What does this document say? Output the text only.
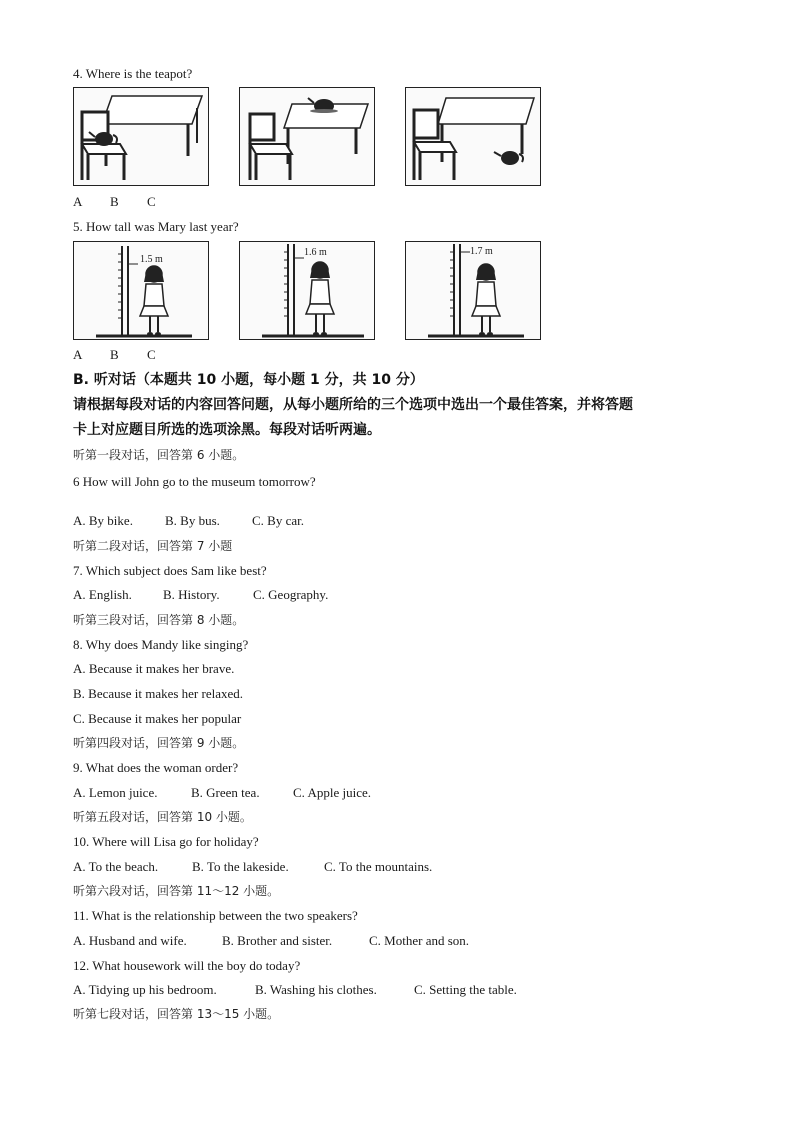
4. Where is the teapot?
A B C
5. How tall was Mary last year?
1.5 m
1.6 m	1.7 m
A B C
B. 听对话（本题共 10 小题，每小题 1 分，共 10 分）
请根据每段对话的内容回答问题，从每小题所给的三个选项中选出一个最佳答案，并将答题
卡上对应题目所选的选项涂黑。每段对话听两遍。
听第一段对话，回答第 6 小题。
6 How will John go to the museum tomorrow?
A. By bike. B. By bus. C. By car.
听第二段对话，回答第 7 小题
7. Which subject does Sam like best?
A. English. B. History.	C. Geography.
听第三段对话，回答第 8 小题。
8. Why does Mandy like singing?
A. Because it makes her brave.
B. Because it makes her relaxed.
C. Because it makes her popular
听第四段对话，回答第 9 小题。
9. What does the woman order?
A. Lemon juice.	B. Green tea.	C. Apple juice.
听第五段对话，回答第 10 小题。
10. Where will Lisa go for holiday?
A. To the beach.	B. To the lakeside.	C. To the mountains.
听第六段对话，回答第 11～12 小题。
11. What is the relationship between the two speakers?
A. Husband and wife.	B. Brother and sister.	C. Mother and son.
12. What housework will the boy do today?
A. Tidying up his bedroom.	B. Washing his clothes.	C. Setting the table.
听第七段对话，回答第 13～15 小题。
